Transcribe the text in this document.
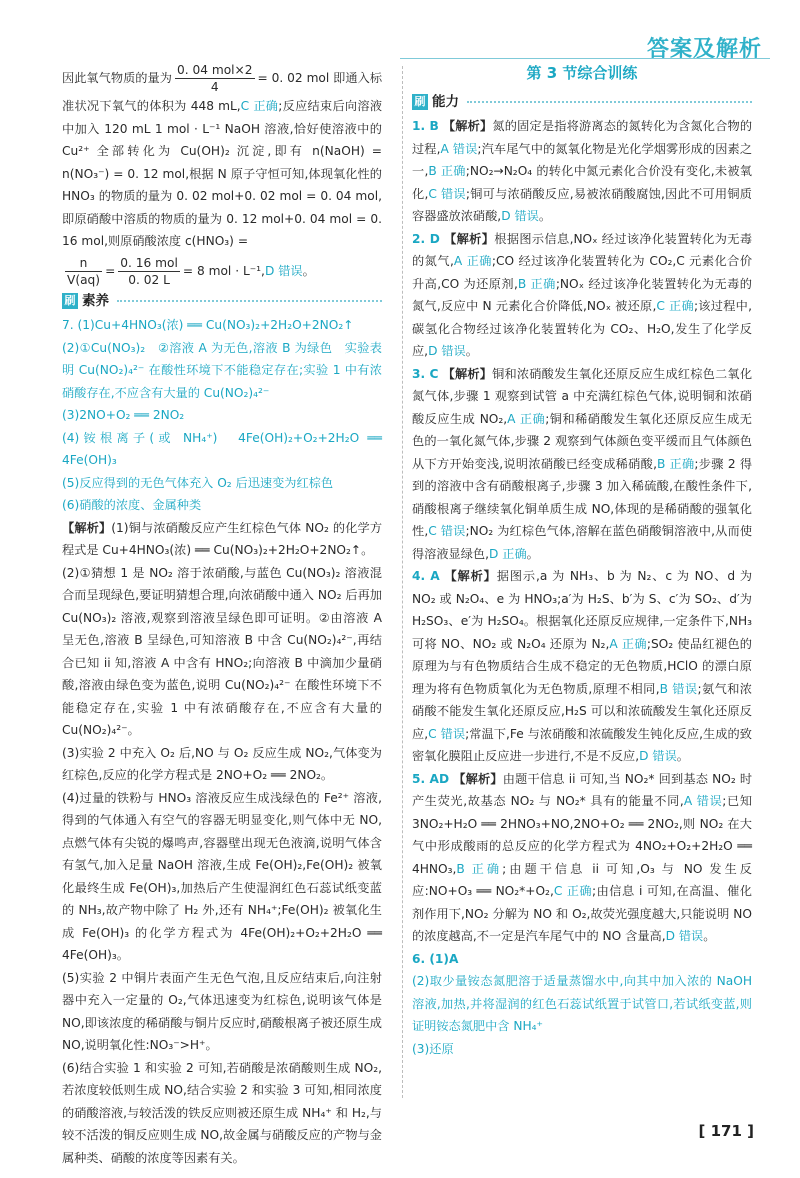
答案及解析

因此氧气物质的量为 $\frac{\text{0. 04 mol×2}}{4} = 0$. 02 mol 即通入标准状况下氧气的体积为 448 mL,C 正确;反应结束后向溶液中加入 120 mL 1 mol · L⁻¹ NaOH 溶液,恰好使溶液中的 Cu²⁺ 全部转化为 Cu(OH)₂ 沉淀,即有 n(NaOH) = n(NO₃⁻) = 0. 12 mol,根据 N 原子守恒可知,体现氧化性的 HNO₃ 的物质的量为 0. 02 mol+0. 02 mol = 0. 04 mol,即原硝酸中溶质的物质的量为 0. 12 mol+0. 04 mol = 0. 16 mol,则原硝酸浓度 c(HNO₃) =

$\frac{n}{V(aq)} = \frac{\text{0. 16 mol}}{0. 02 L} = 8$ mol · L⁻¹,D 错误。

刷 素养

7. (1)Cu+4HNO₃(浓) ══ Cu(NO₃)₂+2H₂O+2NO₂↑

(2)①Cu(NO₃)₂　②溶液 A 为无色,溶液 B 为绿色　实验表明 Cu(NO₂)₄²⁻ 在酸性环境下不能稳定存在;实验 1 中有浓硝酸存在,不应含有大量的 Cu(NO₂)₄²⁻

(3)2NO+O₂ ══ 2NO₂

(4)铵根离子(或 NH₄⁺)　4Fe(OH)₂+O₂+2H₂O ══ 4Fe(OH)₃

(5)反应得到的无色气体充入 O₂ 后迅速变为红棕色

(6)硝酸的浓度、金属种类

【解析】(1)铜与浓硝酸反应产生红棕色气体 NO₂ 的化学方程式是 Cu+4HNO₃(浓) ══ Cu(NO₃)₂+2H₂O+2NO₂↑。

(2)①猜想 1 是 NO₂ 溶于浓硝酸,与蓝色 Cu(NO₃)₂ 溶液混合而呈现绿色,要证明猜想合理,向浓硝酸中通入 NO₂ 后再加 Cu(NO₃)₂ 溶液,观察到溶液呈绿色即可证明。②由溶液 A 呈无色,溶液 B 呈绿色,可知溶液 B 中含 Cu(NO₂)₄²⁻,再结合已知 ii 知,溶液 A 中含有 HNO₂;向溶液 B 中滴加少量硝酸,溶液由绿色变为蓝色,说明 Cu(NO₂)₄²⁻ 在酸性环境下不能稳定存在,实验 1 中有浓硝酸存在,不应含有大量的 Cu(NO₂)₄²⁻。

(3)实验 2 中充入 O₂ 后,NO 与 O₂ 反应生成 NO₂,气体变为红棕色,反应的化学方程式是 2NO+O₂ ══ 2NO₂。

(4)过量的铁粉与 HNO₃ 溶液反应生成浅绿色的 Fe²⁺ 溶液,得到的气体通入有空气的容器无明显变化,则气体中无 NO,点燃气体有尖锐的爆鸣声,容器壁出现无色液滴,说明气体含有氢气,加入足量 NaOH 溶液,生成 Fe(OH)₂,Fe(OH)₂ 被氧化最终生成 Fe(OH)₃,加热后产生使湿润红色石蕊试纸变蓝的 NH₃,故产物中除了 H₂ 外,还有 NH₄⁺;Fe(OH)₂ 被氧化生成 Fe(OH)₃ 的化学方程式为 4Fe(OH)₂+O₂+2H₂O ══ 4Fe(OH)₃。

(5)实验 2 中铜片表面产生无色气泡,且反应结束后,向注射器中充入一定量的 O₂,气体迅速变为红棕色,说明该气体是 NO,即该浓度的稀硝酸与铜片反应时,硝酸根离子被还原生成 NO,说明氧化性:NO₃⁻>H⁺。

(6)结合实验 1 和实验 2 可知,若硝酸是浓硝酸则生成 NO₂,若浓度较低则生成 NO,结合实验 2 和实验 3 可知,相同浓度的硝酸溶液,与较活泼的铁反应则被还原生成 NH₄⁺ 和 H₂,与较不活泼的铜反应则生成 NO,故金属与硝酸反应的产物与金属种类、硝酸的浓度等因素有关。

第 3 节综合训练
刷 能力

1. B 【解析】氮的固定是指将游离态的氮转化为含氮化合物的过程,A 错误;汽车尾气中的氮氧化物是光化学烟雾形成的因素之一,B 正确;NO₂→N₂O₄ 的转化中氮元素化合价没有变化,未被氧化,C 错误;铜可与浓硝酸反应,易被浓硝酸腐蚀,因此不可用铜质容器盛放浓硝酸,D 错误。

2. D 【解析】根据图示信息,NOₓ 经过该净化装置转化为无毒的氮气,A 正确;CO 经过该净化装置转化为 CO₂,C 元素化合价升高,CO 为还原剂,B 正确;NOₓ 经过该净化装置转化为无毒的氮气,反应中 N 元素化合价降低,NOₓ 被还原,C 正确;该过程中,碳氢化合物经过该净化装置转化为 CO₂、H₂O,发生了化学反应,D 错误。

3. C 【解析】铜和浓硝酸发生氧化还原反应生成红棕色二氧化氮气体,步骤 1 观察到试管 a 中充满红棕色气体,说明铜和浓硝酸反应生成 NO₂,A 正确;铜和稀硝酸发生氧化还原反应生成无色的一氧化氮气体,步骤 2 观察到气体颜色变平缓而且气体颜色从下方开始变浅,说明浓硝酸已经变成稀硝酸,B 正确;步骤 2 得到的溶液中含有硝酸根离子,步骤 3 加入稀硫酸,在酸性条件下,硝酸根离子继续氧化铜单质生成 NO,体现的是稀硝酸的强氧化性,C 错误;NO₂ 为红棕色气体,溶解在蓝色硝酸铜溶液中,从而使得溶液显绿色,D 正确。

4. A 【解析】据图示,a 为 NH₃、b 为 N₂、c 为 NO、d 为 NO₂ 或 N₂O₄、e 为 HNO₃;a′为 H₂S、b′为 S、c′为 SO₂、d′为 H₂SO₃、e′为 H₂SO₄。根据氧化还原反应规律,一定条件下,NH₃ 可将 NO、NO₂ 或 N₂O₄ 还原为 N₂,A 正确;SO₂ 使品红褪色的原理为与有色物质结合生成不稳定的无色物质,HClO 的漂白原理为将有色物质氧化为无色物质,原理不相同,B 错误;氨气和浓硝酸不能发生氧化还原反应,H₂S 可以和浓硫酸发生氧化还原反应,C 错误;常温下,Fe 与浓硝酸和浓硫酸发生钝化反应,生成的致密氧化膜阻止反应进一步进行,不是不反应,D 错误。

5. AD 【解析】由题干信息 ii 可知,当 NO₂* 回到基态 NO₂ 时产生荧光,故基态 NO₂ 与 NO₂* 具有的能量不同,A 错误;已知 3NO₂+H₂O ══ 2HNO₃+NO,2NO+O₂ ══ 2NO₂,则 NO₂ 在大气中形成酸雨的总反应的化学方程式为 4NO₂+O₂+2H₂O ══ 4HNO₃,B 正确;由题干信息 ii 可知,O₃ 与 NO 发生反应:NO+O₃ ══ NO₂*+O₂,C 正确;由信息 i 可知,在高温、催化剂作用下,NO₂ 分解为 NO 和 O₂,故荧光强度越大,只能说明 NO 的浓度越高,不一定是汽车尾气中的 NO 含量高,D 错误。

6. (1)A

(2)取少量铵态氮肥溶于适量蒸馏水中,向其中加入浓的 NaOH 溶液,加热,并将湿润的红色石蕊试纸置于试管口,若试纸变蓝,则证明铵态氮肥中含 NH₄⁺

(3)还原

[ 171 ]
